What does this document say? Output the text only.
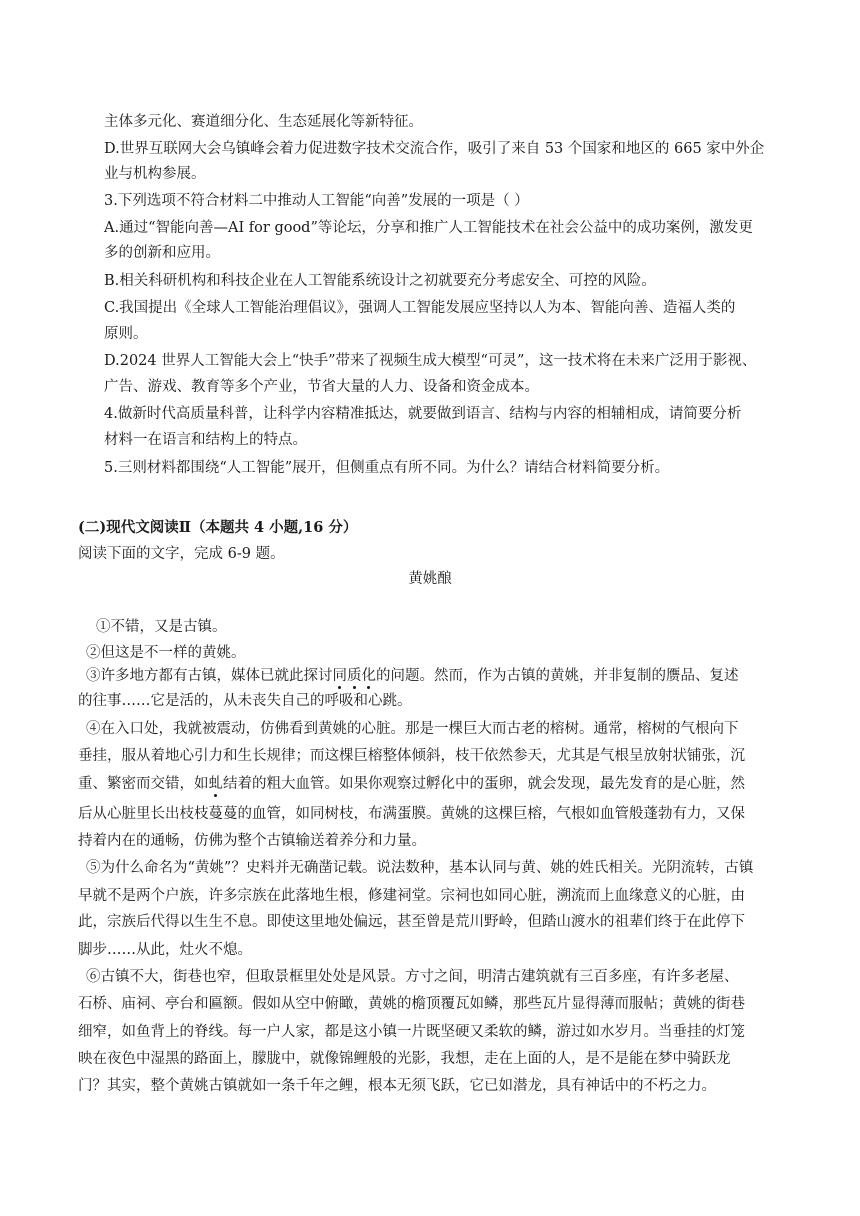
主体多元化、赛道细分化、生态延展化等新特征。
D.世界互联网大会乌镇峰会着力促进数字技术交流合作，吸引了来自 53 个国家和地区的 665 家中外企
业与机构参展。
3.下列选项不符合材料二中推动人工智能“向善”发展的一项是（ ）
A.通过“智能向善—AI for good”等论坛，分享和推广人工智能技术在社会公益中的成功案例，激发更
多的创新和应用。
B.相关科研机构和科技企业在人工智能系统设计之初就要充分考虑安全、可控的风险。
C.我国提出《全球人工智能治理倡议》，强调人工智能发展应坚持以人为本、智能向善、造福人类的
原则。
D.2024 世界人工智能大会上“快手”带来了视频生成大模型“可灵”，这一技术将在未来广泛用于影视、
广告、游戏、教育等多个产业，节省大量的人力、设备和资金成本。
4.做新时代高质量科普，让科学内容精准抵达，就要做到语言、结构与内容的相辅相成，请简要分析
材料一在语言和结构上的特点。
5.三则材料都围绕“人工智能”展开，但侧重点有所不同。为什么？请结合材料简要分析。
(二)现代文阅读Ⅱ（本题共 4 小题,16 分）
阅读下面的文字，完成 6-9 题。
黄姚酿
①不错，又是古镇。
②但这是不一样的黄姚。
③许多地方都有古镇，媒体已就此探讨同质化的问题。然而，作为古镇的黄姚，并非复制的赝品、复述
的往事……它是活的，从未丧失自己的呼吸和心跳。
④在入口处，我就被震动，仿佛看到黄姚的心脏。那是一棵巨大而古老的榕树。通常，榕树的气根向下
垂挂，服从着地心引力和生长规律；而这棵巨榕整体倾斜，枝干依然参天，尤其是气根呈放射状铺张，沉
重、繁密而交错，如虬结着的粗大血管。如果你观察过孵化中的蛋卵，就会发现，最先发育的是心脏，然
后从心脏里长出枝枝蔓蔓的血管，如同树枝，布满蛋膜。黄姚的这棵巨榕，气根如血管般蓬勃有力，又保
持着内在的通畅，仿佛为整个古镇输送着养分和力量。
⑤为什么命名为“黄姚”？史料并无确凿记载。说法数种，基本认同与黄、姚的姓氏相关。光阴流转，古镇
早就不是两个户族，许多宗族在此落地生根，修建祠堂。宗祠也如同心脏，溯流而上血缘意义的心脏，由
此，宗族后代得以生生不息。即使这里地处偏远，甚至曾是荒川野岭，但踏山渡水的祖辈们终于在此停下
脚步……从此，灶火不熄。
⑥古镇不大，街巷也窄，但取景框里处处是风景。方寸之间，明清古建筑就有三百多座，有许多老屋、
石桥、庙祠、亭台和匾额。假如从空中俯瞰，黄姚的檐顶覆瓦如鳞，那些瓦片显得薄而服帖；黄姚的街巷
细窄，如鱼背上的脊线。每一户人家，都是这小镇一片既坚硬又柔软的鳞，游过如水岁月。当垂挂的灯笼
映在夜色中湿黑的路面上，朦胧中，就像锦鲤般的光影，我想，走在上面的人，是不是能在梦中骑跃龙
门？其实，整个黄姚古镇就如一条千年之鲤，根本无须飞跃，它已如潜龙，具有神话中的不朽之力。
